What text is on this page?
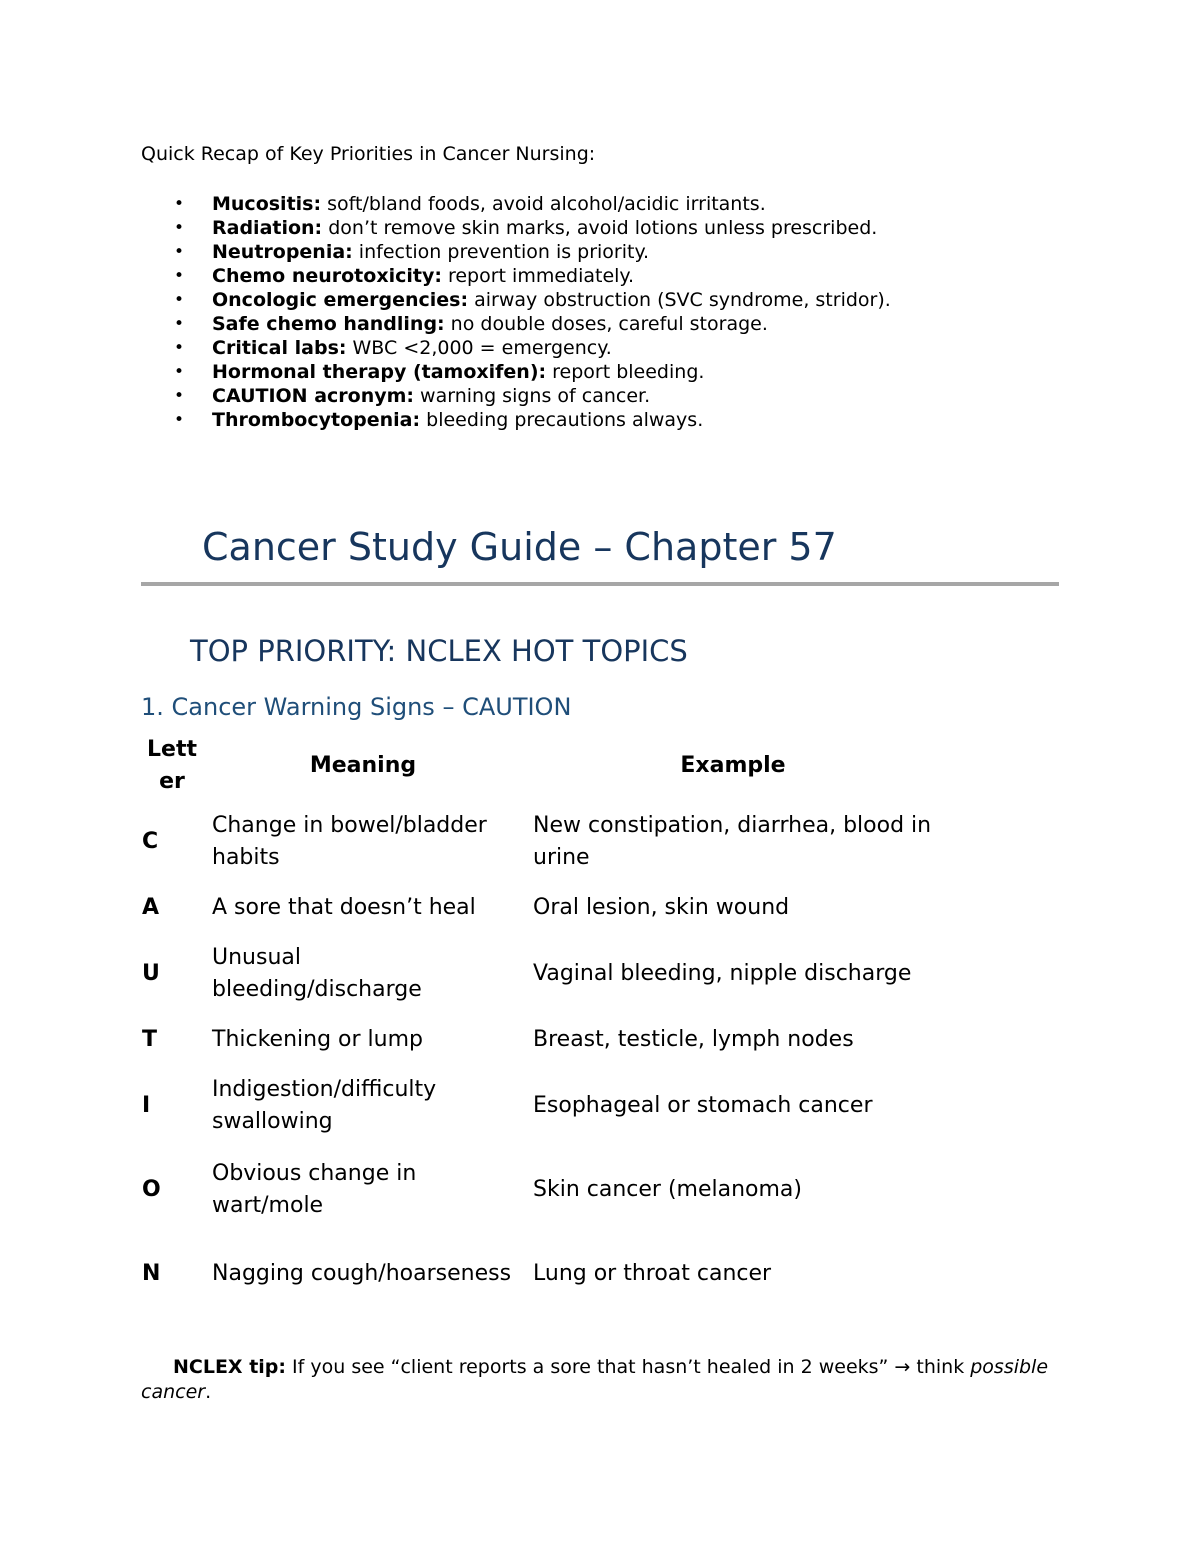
Quick Recap of Key Priorities in Cancer Nursing:
• Mucositis: soft/bland foods, avoid alcohol/acidic irritants.
• Radiation: don’t remove skin marks, avoid lotions unless prescribed.
• Neutropenia: infection prevention is priority.
• Chemo neurotoxicity: report immediately.
• Oncologic emergencies: airway obstruction (SVC syndrome, stridor).
• Safe chemo handling: no double doses, careful storage.
• Critical labs: WBC <2,000 = emergency.
• Hormonal therapy (tamoxifen): report bleeding.
• CAUTION acronym: warning signs of cancer.
• Thrombocytopenia: bleeding precautions always.
Cancer Study Guide – Chapter 57
TOP PRIORITY: NCLEX HOT TOPICS
1. Cancer Warning Signs – CAUTION
Lett
er	Meaning	Example
C	Change in bowel/bladder habits	New constipation, diarrhea, blood in urine
A	A sore that doesn’t heal	Oral lesion, skin wound
U	Unusual bleeding/discharge	Vaginal bleeding, nipple discharge
T	Thickening or lump	Breast, testicle, lymph nodes
I	Indigestion/difficulty swallowing	Esophageal or stomach cancer
O	Obvious change in wart/mole	Skin cancer (melanoma)
N	Nagging cough/hoarseness	Lung or throat cancer
NCLEX tip: If you see “client reports a sore that hasn’t healed in 2 weeks” → think possible cancer.
